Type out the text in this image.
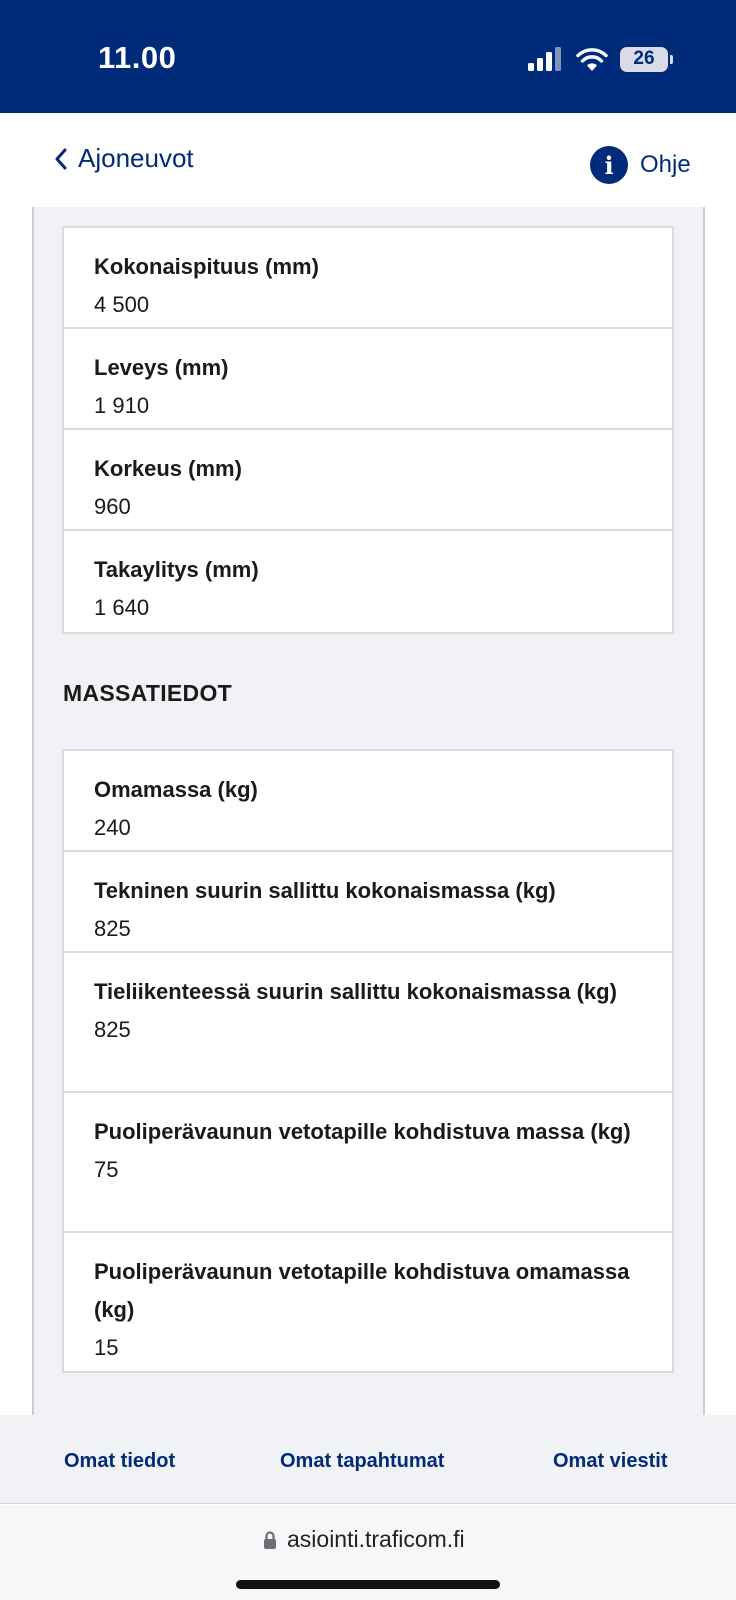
11.00	26
Ajoneuvot	i	Ohje
Kokonaispituus (mm)
4 500
Leveys (mm)
1 910
Korkeus (mm)
960
Takaylitys (mm)
1 640
MASSATIEDOT
Omamassa (kg)
240
Tekninen suurin sallittu kokonaismassa (kg)
825
Tieliikenteessä suurin sallittu kokonaismassa (kg)
825
Puoliperävaunun vetotapille kohdistuva massa (kg)
75
Puoliperävaunun vetotapille kohdistuva omamassa (kg)
15
Omat tiedot	Omat tapahtumat	Omat viestit
asiointi.traficom.fi
